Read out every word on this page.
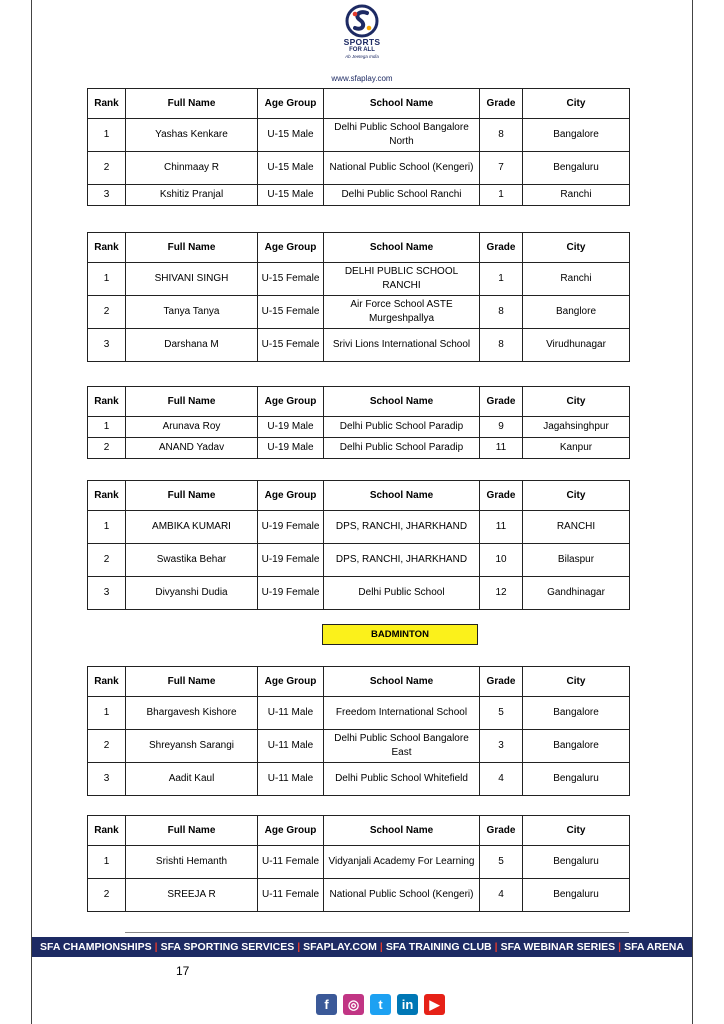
SPORTS
FOR ALL
Ab Jeetega India
www.sfaplay.com
Rank	Full Name	Age Group	School Name	Grade	City
1	Yashas Kenkare	U-15 Male	Delhi Public School Bangalore North	8	Bangalore
2	Chinmaay R	U-15 Male	National Public School (Kengeri)	7	Bengaluru
3	Kshitiz Pranjal	U-15 Male	Delhi Public School Ranchi	1	Ranchi
Rank	Full Name	Age Group	School Name	Grade	City
1	SHIVANI SINGH	U-15 Female	DELHI PUBLIC SCHOOL RANCHI	1	Ranchi
2	Tanya Tanya	U-15 Female	Air Force School ASTE Murgeshpallya	8	Banglore
3	Darshana M	U-15 Female	Srivi Lions International School	8	Virudhunagar
Rank	Full Name	Age Group	School Name	Grade	City
1	Arunava Roy	U-19 Male	Delhi Public School Paradip	9	Jagahsinghpur
2	ANAND Yadav	U-19 Male	Delhi Public School Paradip	11	Kanpur
Rank	Full Name	Age Group	School Name	Grade	City
1	AMBIKA KUMARI	U-19 Female	DPS, RANCHI, JHARKHAND	11	RANCHI
2	Swastika Behar	U-19 Female	DPS, RANCHI, JHARKHAND	10	Bilaspur
3	Divyanshi Dudia	U-19 Female	Delhi Public School	12	Gandhinagar
Rank	Full Name	Age Group	School Name	Grade	City
1	Bhargavesh Kishore	U-11 Male	Freedom International School	5	Bangalore
2	Shreyansh Sarangi	U-11 Male	Delhi Public School Bangalore East	3	Bangalore
3	Aadit Kaul	U-11 Male	Delhi Public School Whitefield	4	Bengaluru
Rank	Full Name	Age Group	School Name	Grade	City
1	Srishti Hemanth	U-11 Female	Vidyanjali Academy For Learning	5	Bengaluru
2	SREEJA R	U-11 Female	National Public School (Kengeri)	4	Bengaluru
BADMINTON
SFA CHAMPIONSHIPS | SFA SPORTING SERVICES | SFAPLAY.COM | SFA TRAINING CLUB | SFA WEBINAR SERIES | SFA ARENA
17
f	◎	t	in	▶
